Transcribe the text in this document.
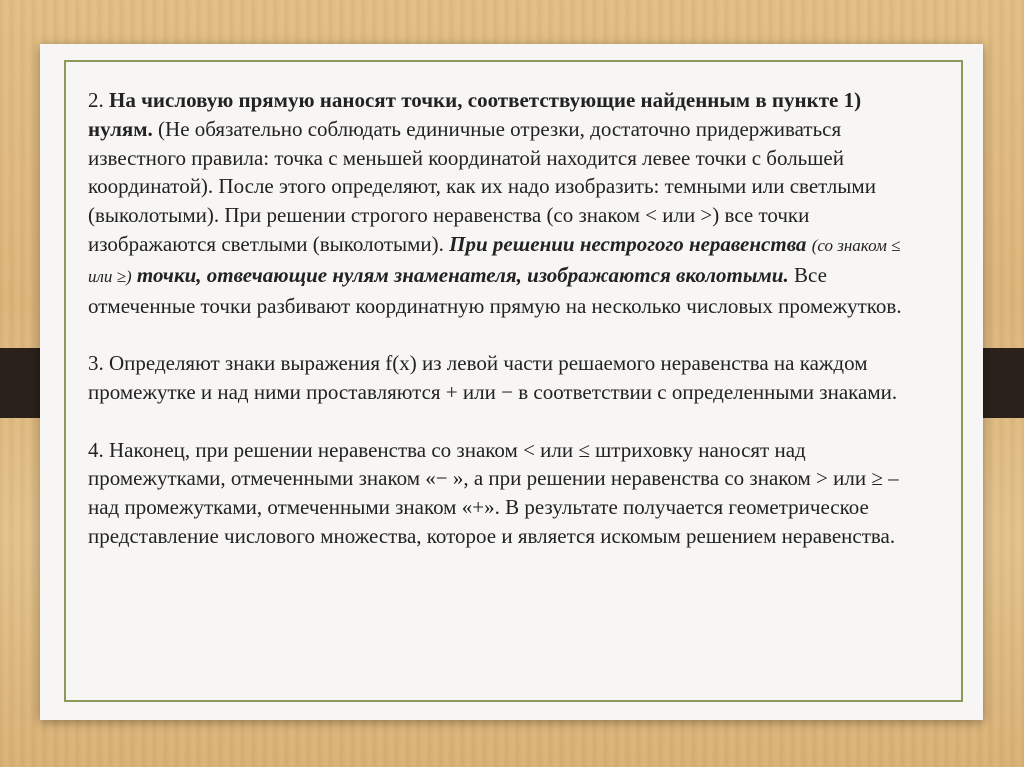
2. На числовую прямую наносят точки, соответствующие найденным в пункте 1) нулям. (Не обязательно соблюдать единичные отрезки, достаточно придерживаться известного правила: точка с меньшей координатой находится левее точки с большей координатой). После этого определяют, как их надо изобразить: темными или светлыми (выколотыми). При решении строгого неравенства (со знаком < или >) все точки изображаются светлыми (выколотыми). При решении нестрогого неравенства (со знаком ≤ или ≥) точки, отвечающие нулям знаменателя, изображаются вколотыми. Все отмеченные точки разбивают координатную прямую на несколько числовых промежутков.

3. Определяют знаки выражения f(x) из левой части решаемого неравенства на каждом промежутке и над ними проставляются + или − в соответствии с определенными знаками.

4. Наконец, при решении неравенства со знаком < или ≤ штриховку наносят над промежутками, отмеченными знаком «− », а при решении неравенства со знаком > или ≥ – над промежутками, отмеченными знаком «+». В результате получается геометрическое представление числового множества, которое и является искомым решением неравенства.
